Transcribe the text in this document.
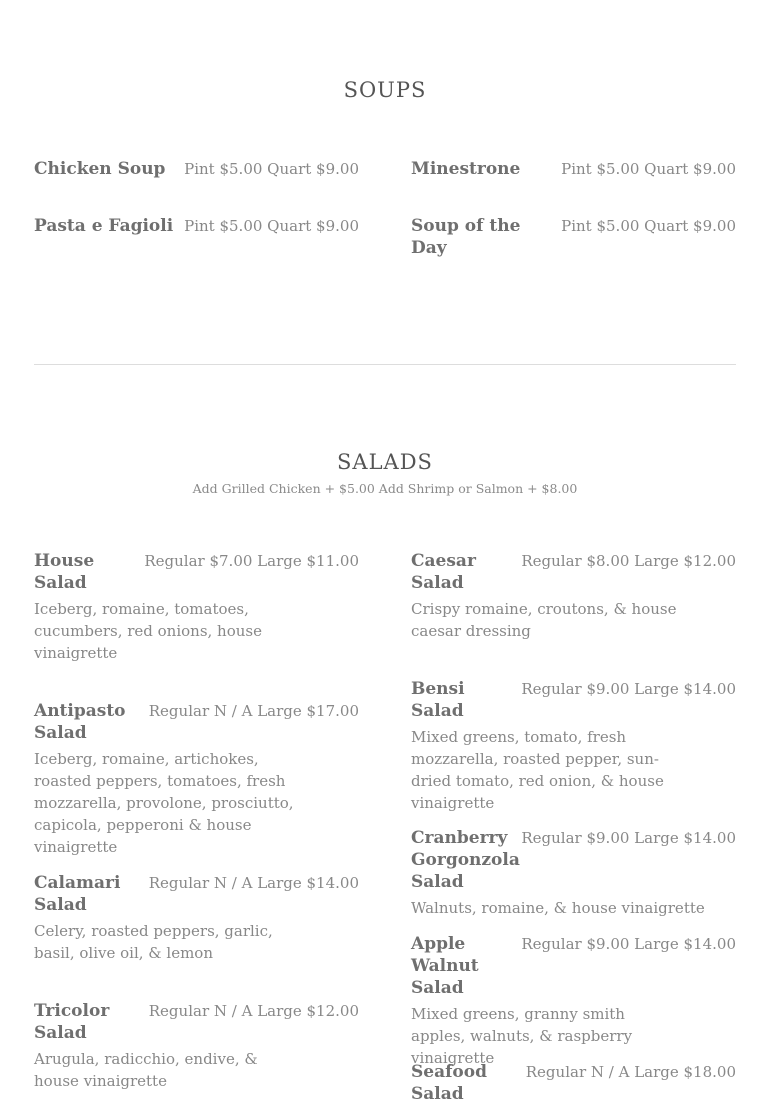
SOUPS
Chicken Soup Pint $5.00 Quart $9.00
Pasta e Fagioli Pint $5.00 Quart $9.00
Minestrone	Pint $5.00 Quart $9.00
Soup of the Day
Pint $5.00 Quart $9.00
SALADS
Add Grilled Chicken + $5.00 Add Shrimp or Salmon + $8.00
House Salad
Regular $7.00 Large $11.00
Iceberg, romaine, tomatoes, cucumbers, red onions, house vinaigrette
Antipasto Salad
Regular N / A Large $17.00
Iceberg, romaine, artichokes, roasted peppers, tomatoes, fresh mozzarella, provolone, prosciutto, capicola, pepperoni & house vinaigrette
Calamari Salad
Regular N / A Large $14.00
Celery, roasted peppers, garlic, basil, olive oil, & lemon
Tricolor Salad
Regular N / A Large $12.00
Arugula, radicchio, endive, & house vinaigrette
Caesar Salad
Regular $8.00 Large $12.00
Crispy romaine, croutons, & house caesar dressing
Bensi Salad
Regular $9.00 Large $14.00
Mixed greens, tomato, fresh mozzarella, roasted pepper, sun-dried tomato, red onion, & house vinaigrette
Cranberry Gorgonzola Salad
Regular $9.00 Large $14.00
Walnuts, romaine, & house vinaigrette
Apple Walnut Salad
Regular $9.00 Large $14.00
Mixed greens, granny smith apples, walnuts, & raspberry vinaigrette
Seafood Salad
Regular N / A Large $18.00
